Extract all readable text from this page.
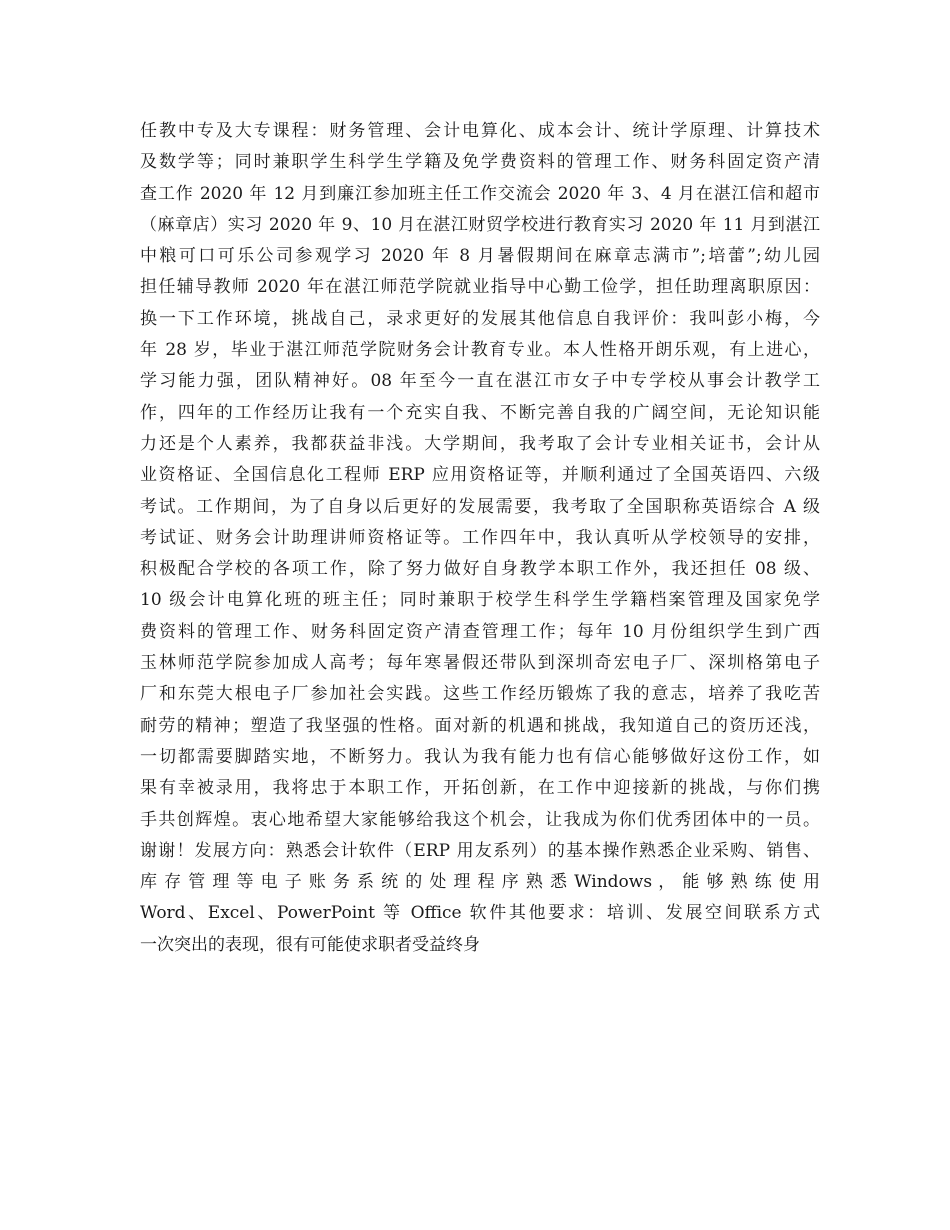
任教中专及大专课程：财务管理、会计电算化、成本会计、统计学原理、计算技术
及数学等；同时兼职学生科学生学籍及免学费资料的管理工作、财务科固定资产清
查工作 2020 年 12 月到廉江参加班主任工作交流会 2020 年 3、4 月在湛江信和超市
（麻章店）实习 2020 年 9、10 月在湛江财贸学校进行教育实习 2020 年 11 月到湛江
中粮可口可乐公司参观学习 2020 年 8 月暑假期间在麻章志满市”;培蕾”;幼儿园
担任辅导教师 2020 年在湛江师范学院就业指导中心勤工俭学，担任助理离职原因：
换一下工作环境，挑战自己，录求更好的发展其他信息自我评价：我叫彭小梅，今
年 28 岁，毕业于湛江师范学院财务会计教育专业。本人性格开朗乐观，有上进心，
学习能力强，团队精神好。08 年至今一直在湛江市女子中专学校从事会计教学工
作，四年的工作经历让我有一个充实自我、不断完善自我的广阔空间，无论知识能
力还是个人素养，我都获益非浅。大学期间，我考取了会计专业相关证书，会计从
业资格证、全国信息化工程师 ERP 应用资格证等，并顺利通过了全国英语四、六级
考试。工作期间，为了自身以后更好的发展需要，我考取了全国职称英语综合 A 级
考试证、财务会计助理讲师资格证等。工作四年中，我认真听从学校领导的安排，
积极配合学校的各项工作，除了努力做好自身教学本职工作外，我还担任 08 级、
10 级会计电算化班的班主任；同时兼职于校学生科学生学籍档案管理及国家免学
费资料的管理工作、财务科固定资产清查管理工作；每年 10 月份组织学生到广西
玉林师范学院参加成人高考；每年寒暑假还带队到深圳奇宏电子厂、深圳格第电子
厂和东莞大根电子厂参加社会实践。这些工作经历锻炼了我的意志，培养了我吃苦
耐劳的精神；塑造了我坚强的性格。面对新的机遇和挑战，我知道自己的资历还浅，
一切都需要脚踏实地，不断努力。我认为我有能力也有信心能够做好这份工作，如
果有幸被录用，我将忠于本职工作，开拓创新，在工作中迎接新的挑战，与你们携
手共创辉煌。衷心地希望大家能够给我这个机会，让我成为你们优秀团体中的一员。
谢谢！发展方向：熟悉会计软件（ERP 用友系列）的基本操作熟悉企业采购、销售、
库 存 管 理 等 电 子 账 务 系 统 的 处 理 程 序 熟 悉 Windows ， 能 够 熟 练 使 用
Word、Excel、PowerPoint 等 Office 软件其他要求：培训、发展空间联系方式
一次突出的表现，很有可能使求职者受益终身
